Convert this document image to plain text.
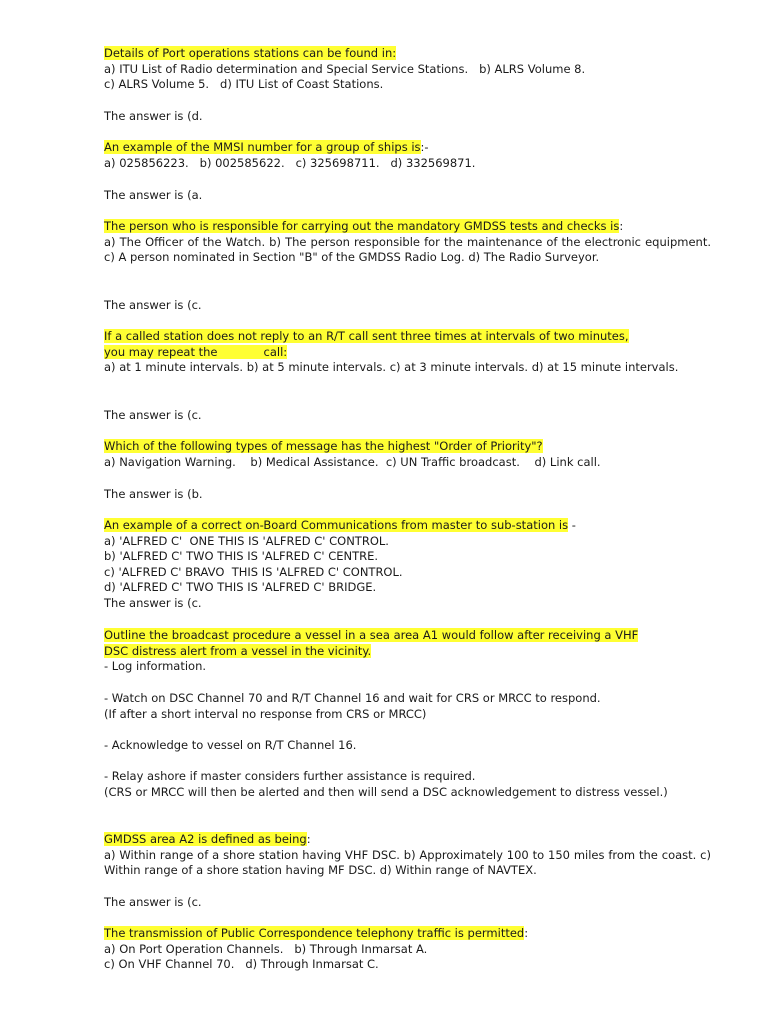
Details of Port operations stations can be found in:
a) ITU List of Radio determination and Special Service Stations.   b) ALRS Volume 8.
c) ALRS Volume 5.   d) ITU List of Coast Stations.
The answer is (d.
An example of the MMSI number for a group of ships is:-
a) 025856223.   b) 002585622.   c) 325698711.   d) 332569871.
The answer is (a.
The person who is responsible for carrying out the mandatory GMDSS tests and checks is:
a) The Officer of the Watch. b) The person responsible for the maintenance of the electronic equipment. c) A person nominated in Section "B" of the GMDSS Radio Log. d) The Radio Surveyor.
The answer is (c.
If a called station does not reply to an R/T call sent three times at intervals of two minutes,
you may repeat the	call:
a) at 1 minute intervals. b) at 5 minute intervals. c) at 3 minute intervals. d) at 15 minute intervals.
The answer is (c.
Which of the following types of message has the highest "Order of Priority"?
a) Navigation Warning.    b) Medical Assistance.  c) UN Traffic broadcast.    d) Link call.
The answer is (b.
An example of a correct on-Board Communications from master to sub-station is -
a) 'ALFRED C'  ONE THIS IS 'ALFRED C' CONTROL.
b) 'ALFRED C' TWO THIS IS 'ALFRED C' CENTRE.
c) 'ALFRED C' BRAVO  THIS IS 'ALFRED C' CONTROL.
d) 'ALFRED C' TWO THIS IS 'ALFRED C' BRIDGE.
The answer is (c.
Outline the broadcast procedure a vessel in a sea area A1 would follow after receiving a VHF
DSC distress alert from a vessel in the vicinity.
- Log information.
- Watch on DSC Channel 70 and R/T Channel 16 and wait for CRS or MRCC to respond.
(If after a short interval no response from CRS or MRCC)
- Acknowledge to vessel on R/T Channel 16.
- Relay ashore if master considers further assistance is required.
(CRS or MRCC will then be alerted and then will send a DSC acknowledgement to distress vessel.)
GMDSS area A2 is defined as being:
a) Within range of a shore station having VHF DSC. b) Approximately 100 to 150 miles from the coast. c) Within range of a shore station having MF DSC. d) Within range of NAVTEX.
The answer is (c.
The transmission of Public Correspondence telephony traffic is permitted:
a) On Port Operation Channels.   b) Through Inmarsat A.
c) On VHF Channel 70.   d) Through Inmarsat C.
